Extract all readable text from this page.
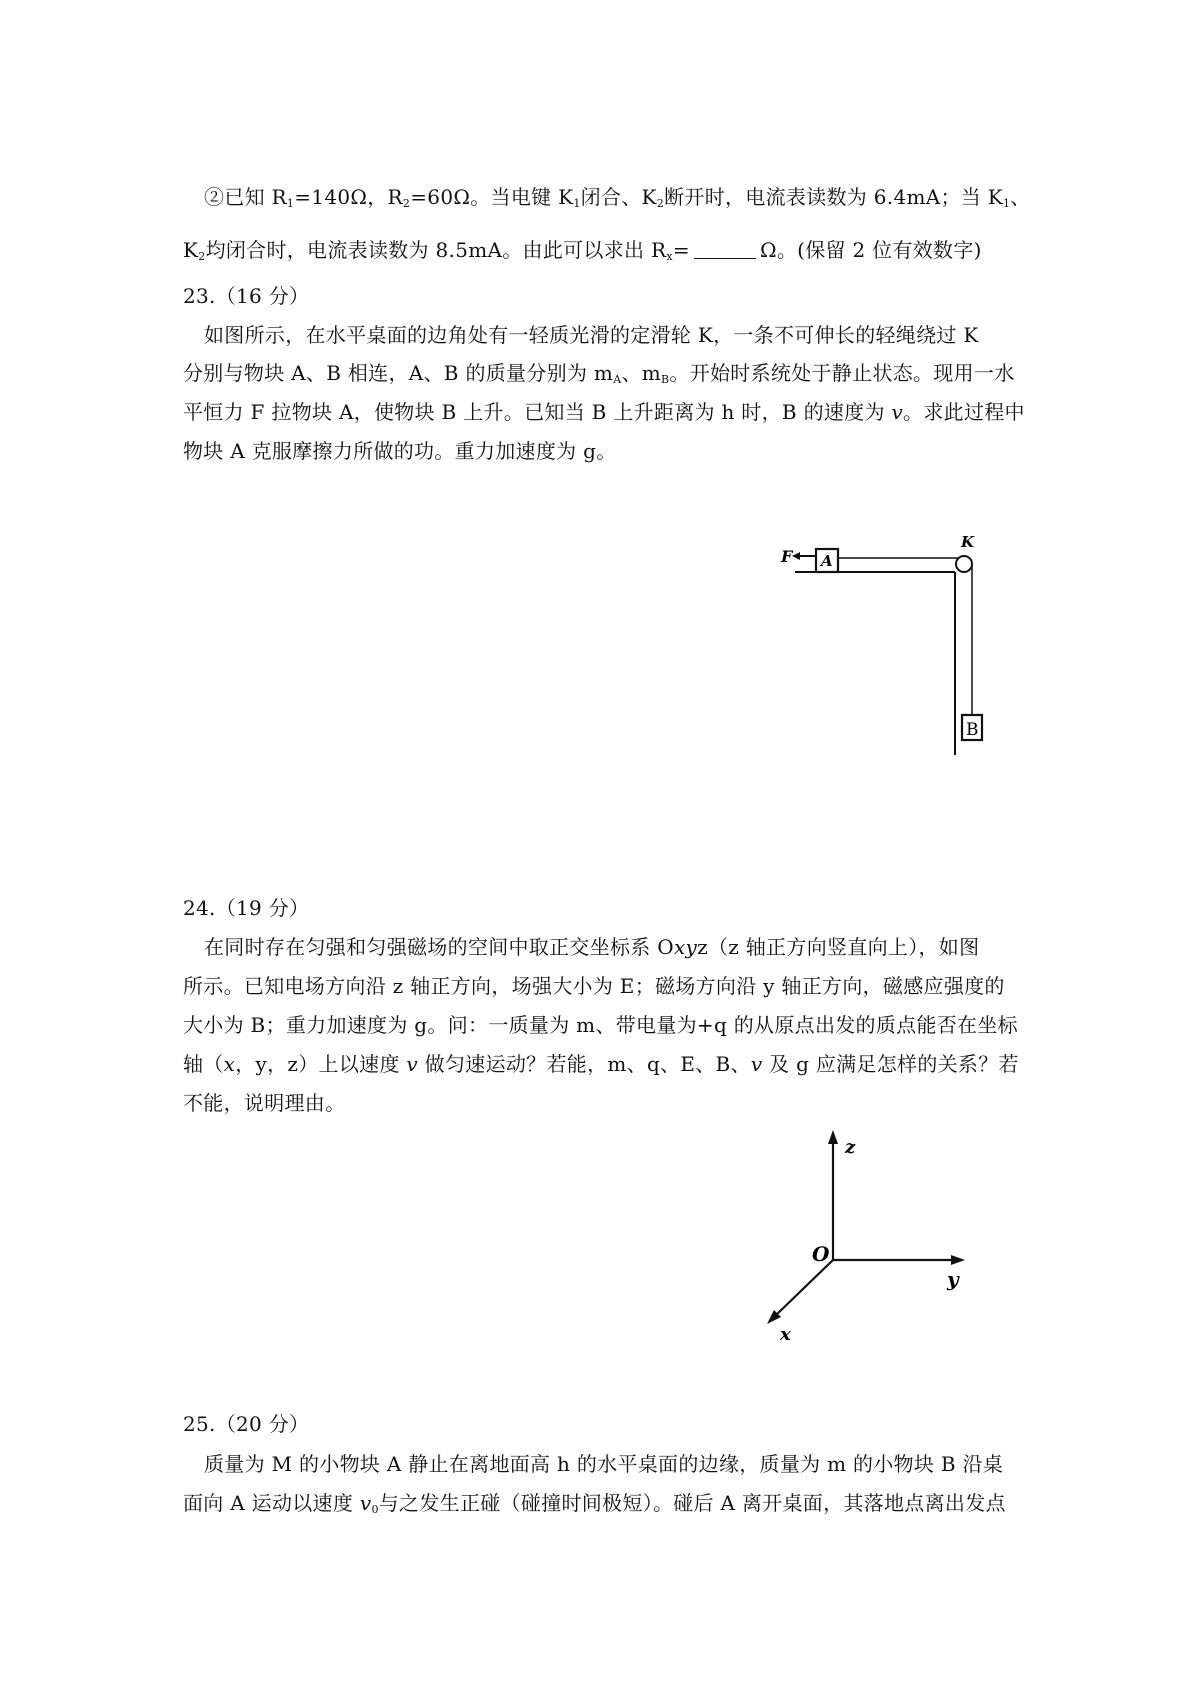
②已知 $R_1=140\Omega$，$R_2=60\Omega$。当电键 $K_1$闭合、$K_2$断开时，电流表读数为 6.4mA；当 $K_1$、
$K_2$均闭合时，电流表读数为 8.5mA。由此可以求出 $R_x=$	Ω。(保留 2 位有效数字)
23.（16 分）
如图所示，在水平桌面的边角处有一轻质光滑的定滑轮 K，一条不可伸长的轻绳绕过 K
分别与物块 A、B 相连，A、B 的质量分别为 $m_A$、$m_B$。开始时系统处于静止状态。现用一水
平恒力 F 拉物块 A，使物块 B 上升。已知当 B 上升距离为 h 时，B 的速度为 v。求此过程中
物块 A 克服摩擦力所做的功。重力加速度为 g。
F A
K
B
24.（19 分）
在同时存在匀强和匀强磁场的空间中取正交坐标系 Oxyz（z 轴正方向竖直向上），如图
所示。已知电场方向沿 z 轴正方向，场强大小为 E；磁场方向沿 y 轴正方向，磁感应强度的
大小为 B；重力加速度为 g。问：一质量为 m、带电量为+q 的从原点出发的质点能否在坐标
轴（x，y，z）上以速度 v 做匀速运动？若能，m、q、E、B、v 及 g 应满足怎样的关系？若
不能，说明理由。
z
O
y
x
25.（20 分）
质量为 M 的小物块 A 静止在离地面高 h 的水平桌面的边缘，质量为 m 的小物块 B 沿桌
面向 A 运动以速度 $v_0$与之发生正碰（碰撞时间极短）。碰后 A 离开桌面，其落地点离出发点
